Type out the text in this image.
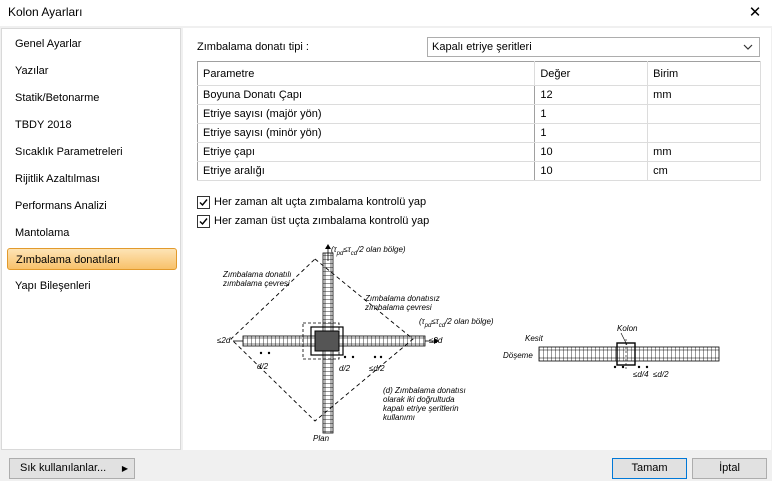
Kolon Ayarları	✕
Genel Ayarlar
Yazılar
Statik/Betonarme
TBDY 2018
Sıcaklık Parametreleri
Rijitlik Azaltılması
Performans Analizi
Mantolama
Zımbalama donatıları
Yapı Bileşenleri
Zımbalama donatı tipi :	Kapalı etriye şeritleri
Parametre	Değer	Birim
Boyuna Donatı Çapı	12	mm
Etriye sayısı (majör yön)	1	
Etriye sayısı (minör yön)	1	
Etriye çapı	10	mm
Etriye aralığı	10	cm
Her zaman alt uçta zımbalama kontrolü yap
Her zaman üst uçta zımbalama kontrolü yap
($\tau_{pd}\le\tau_{cd}/2$ olan bölge)
Zımbalama donatılı
zımbalama çevresi
Zımbalama donatısız
zımbalama çevresi
($\tau_{pd}\le\tau_{cd}/2$ olan bölge)
≤2d	≤2d
d/2	d/2 ≤d/2
(d) Zımbalama donatısı
olarak iki doğrultuda
kapalı etriye şeritlerin
kullanımı
Plan
Kesit
Kolon
Döşeme
≤d/4 ≤d/2
Sık kullanılanlar... ▶	Tamam	İptal
